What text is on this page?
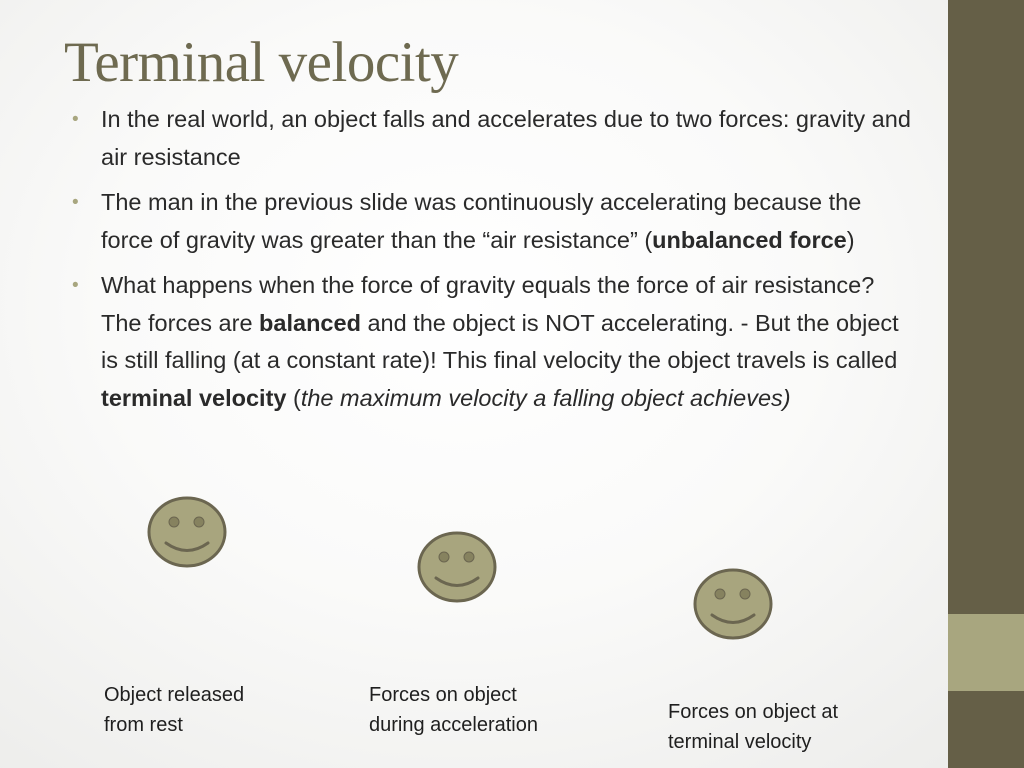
Terminal velocity
• In the real world, an object falls and accelerates due to two forces: gravity and air resistance
• The man in the previous slide was continuously accelerating because the force of gravity was greater than the “air resistance” (unbalanced force)
• What happens when the force of gravity equals the force of air resistance? The forces are balanced and the object is NOT accelerating. - But the object is still falling (at a constant rate)! This final velocity the object travels is called terminal velocity (the maximum velocity a falling object achieves)
Object released
from rest
Forces on object
during acceleration
Forces on object at
terminal velocity
